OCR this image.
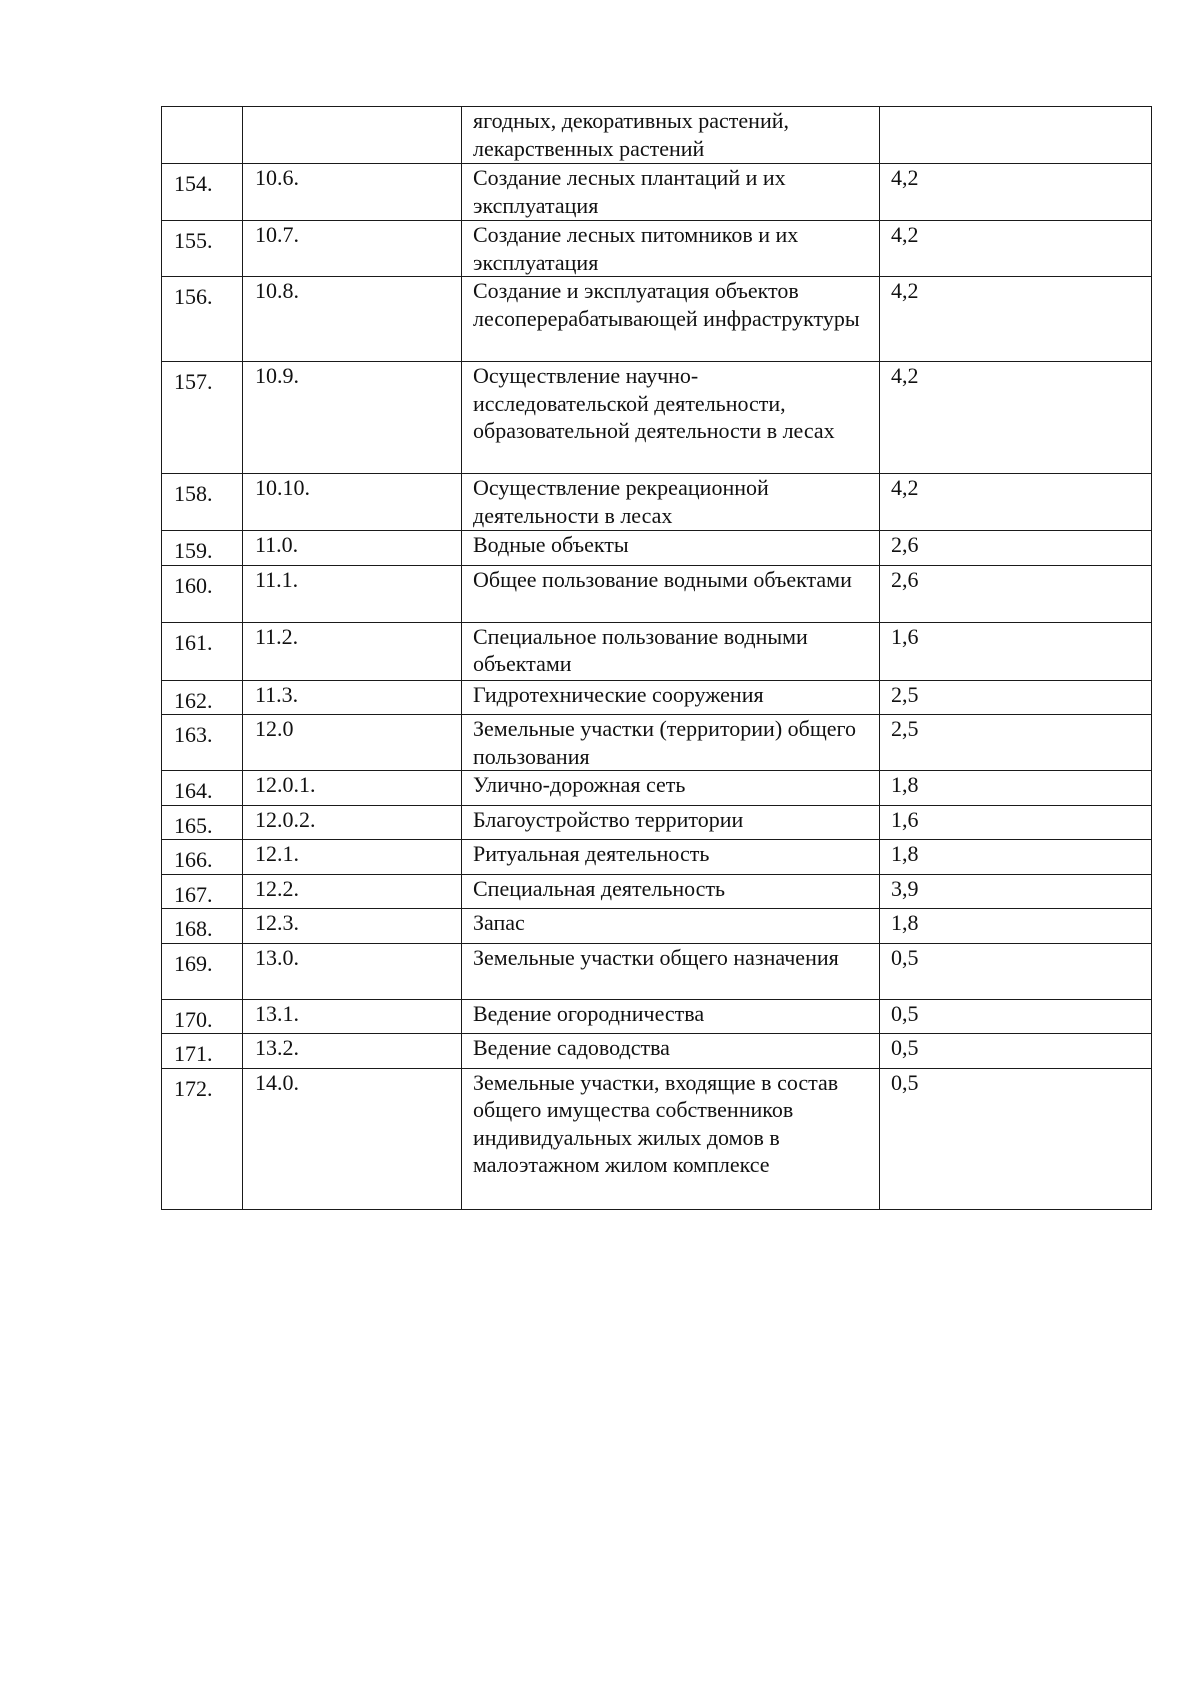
		ягодных, декоративных растений, лекарственных растений	
154.	10.6.	Создание лесных плантаций и их эксплуатация	4,2
155.	10.7.	Создание лесных питомников и их эксплуатация	4,2
156.	10.8.	Создание и эксплуатация объектов лесоперерабатывающей инфраструктуры	4,2
157.	10.9.	Осуществление научно-исследовательской деятельности, образовательной деятельности в лесах	4,2
158.	10.10.	Осуществление рекреационной деятельности в лесах	4,2
159.	11.0.	Водные объекты	2,6
160.	11.1.	Общее пользование водными объектами	2,6
161.	11.2.	Специальное пользование водными объектами	1,6
162.	11.3.	Гидротехнические сооружения	2,5
163.	12.0	Земельные участки (территории) общего пользования	2,5
164.	12.0.1.	Улично-дорожная сеть	1,8
165.	12.0.2.	Благоустройство территории	1,6
166.	12.1.	Ритуальная деятельность	1,8
167.	12.2.	Специальная деятельность	3,9
168.	12.3.	Запас	1,8
169.	13.0.	Земельные участки общего назначения	0,5
170.	13.1.	Ведение огородничества	0,5
171.	13.2.	Ведение садоводства	0,5
172.	14.0.	Земельные участки, входящие в состав общего имущества собственников индивидуальных жилых домов в малоэтажном жилом комплексе	0,5
